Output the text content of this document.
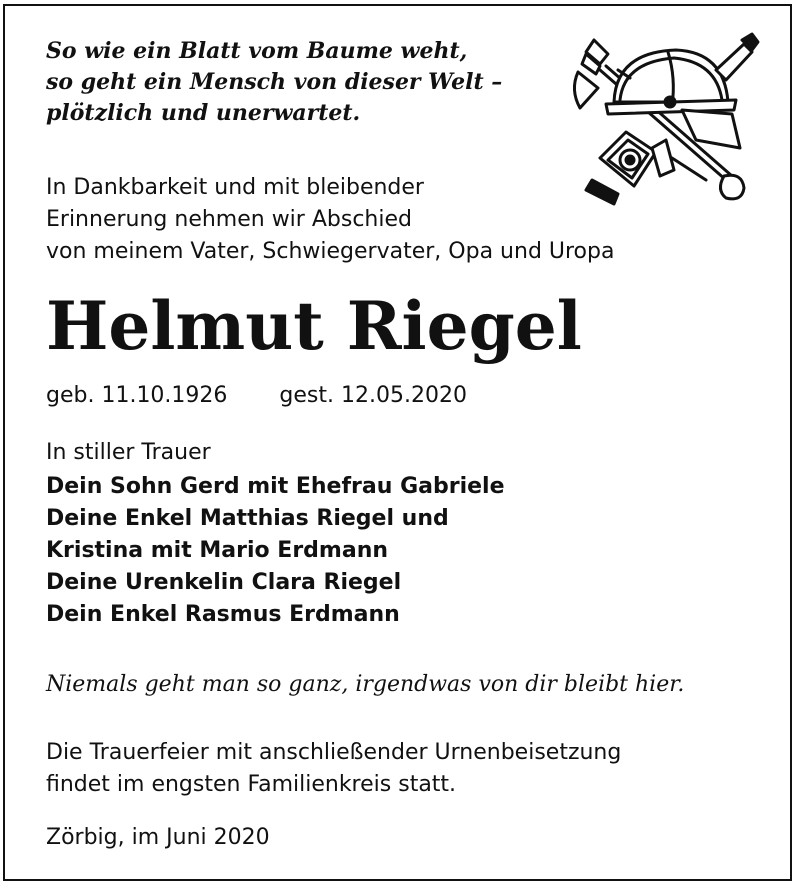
So wie ein Blatt vom Baume weht,

so geht ein Mensch von dieser Welt –

plötzlich und unerwartet.

In Dankbarkeit und mit bleibender

Erinnerung nehmen wir Abschied

von meinem Vater, Schwiegervater, Opa und Uropa

Helmut Riegel

geb. 11.10.1926 gest. 12.05.2020

In stiller Trauer

Dein Sohn Gerd mit Ehefrau Gabriele

Deine Enkel Matthias Riegel und

Kristina mit Mario Erdmann

Deine Urenkelin Clara Riegel

Dein Enkel Rasmus Erdmann

Niemals geht man so ganz, irgendwas von dir bleibt hier.

Die Trauerfeier mit anschließender Urnenbeisetzung

findet im engsten Familienkreis statt.

Zörbig, im Juni 2020
